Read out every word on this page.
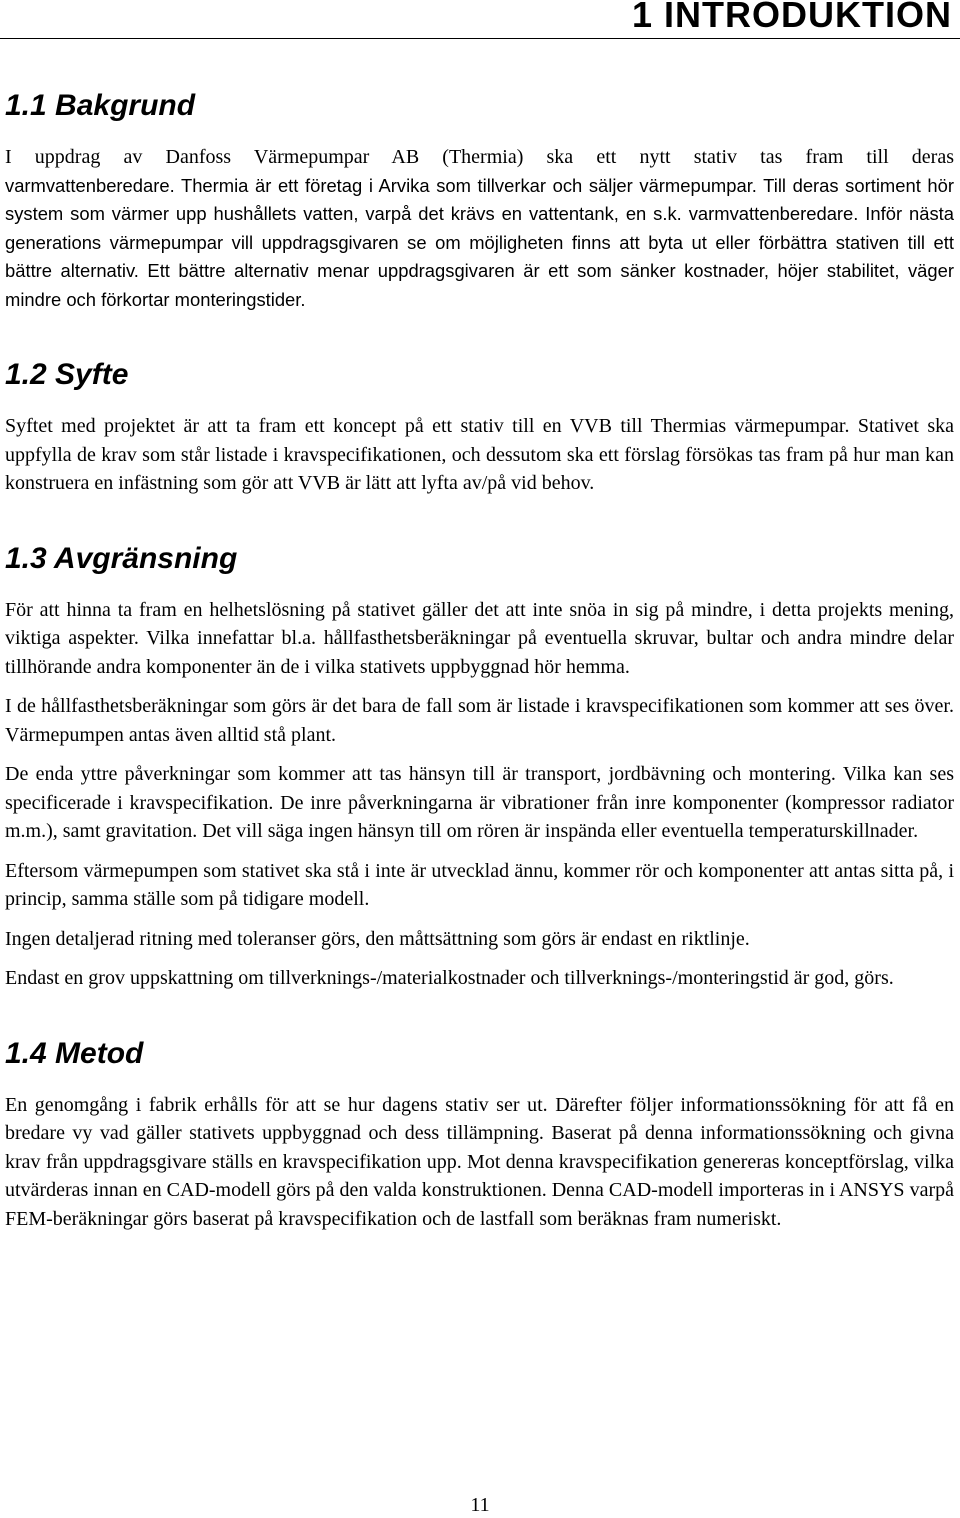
1 INTRODUKTION
1.1 Bakgrund

I uppdrag av Danfoss Värmepumpar AB (Thermia) ska ett nytt stativ tas fram till deras

varmvattenberedare. Thermia är ett företag i Arvika som tillverkar och säljer värmepumpar. Till deras sortiment hör system som värmer upp hushållets vatten, varpå det krävs en vattentank, en s.k. varmvattenberedare. Inför nästa generations värmepumpar vill uppdragsgivaren se om möjligheten finns att byta ut eller förbättra stativen till ett bättre alternativ. Ett bättre alternativ menar uppdragsgivaren är ett som sänker kostnader, höjer stabilitet, väger mindre och förkortar monteringstider.

1.2 Syfte

Syftet med projektet är att ta fram ett koncept på ett stativ till en VVB till Thermias värmepumpar. Stativet ska uppfylla de krav som står listade i kravspecifikationen, och dessutom ska ett förslag försökas tas fram på hur man kan konstruera en infästning som gör att VVB är lätt att lyfta av/på vid behov.

1.3 Avgränsning

För att hinna ta fram en helhetslösning på stativet gäller det att inte snöa in sig på mindre, i detta projekts mening, viktiga aspekter. Vilka innefattar bl.a. hållfasthetsberäkningar på eventuella skruvar, bultar och andra mindre delar tillhörande andra komponenter än de i vilka stativets uppbyggnad hör hemma.

I de hållfasthetsberäkningar som görs är det bara de fall som är listade i kravspecifikationen som kommer att ses över. Värmepumpen antas även alltid stå plant.

De enda yttre påverkningar som kommer att tas hänsyn till är transport, jordbävning och montering. Vilka kan ses specificerade i kravspecifikation. De inre påverkningarna är vibrationer från inre komponenter (kompressor radiator m.m.), samt gravitation. Det vill säga ingen hänsyn till om rören är inspända eller eventuella temperaturskillnader.

Eftersom värmepumpen som stativet ska stå i inte är utvecklad ännu, kommer rör och komponenter att antas sitta på, i princip, samma ställe som på tidigare modell.

Ingen detaljerad ritning med toleranser görs, den måttsättning som görs är endast en riktlinje.

Endast en grov uppskattning om tillverknings-/materialkostnader och tillverknings-/monteringstid är god, görs.

1.4 Metod

En genomgång i fabrik erhålls för att se hur dagens stativ ser ut. Därefter följer informationssökning för att få en bredare vy vad gäller stativets uppbyggnad och dess tillämpning. Baserat på denna informationssökning och givna krav från uppdragsgivare ställs en kravspecifikation upp. Mot denna kravspecifikation genereras konceptförslag, vilka utvärderas innan en CAD-modell görs på den valda konstruktionen. Denna CAD-modell importeras in i ANSYS varpå FEM-beräkningar görs baserat på kravspecifikation och de lastfall som beräknas fram numeriskt.

11
